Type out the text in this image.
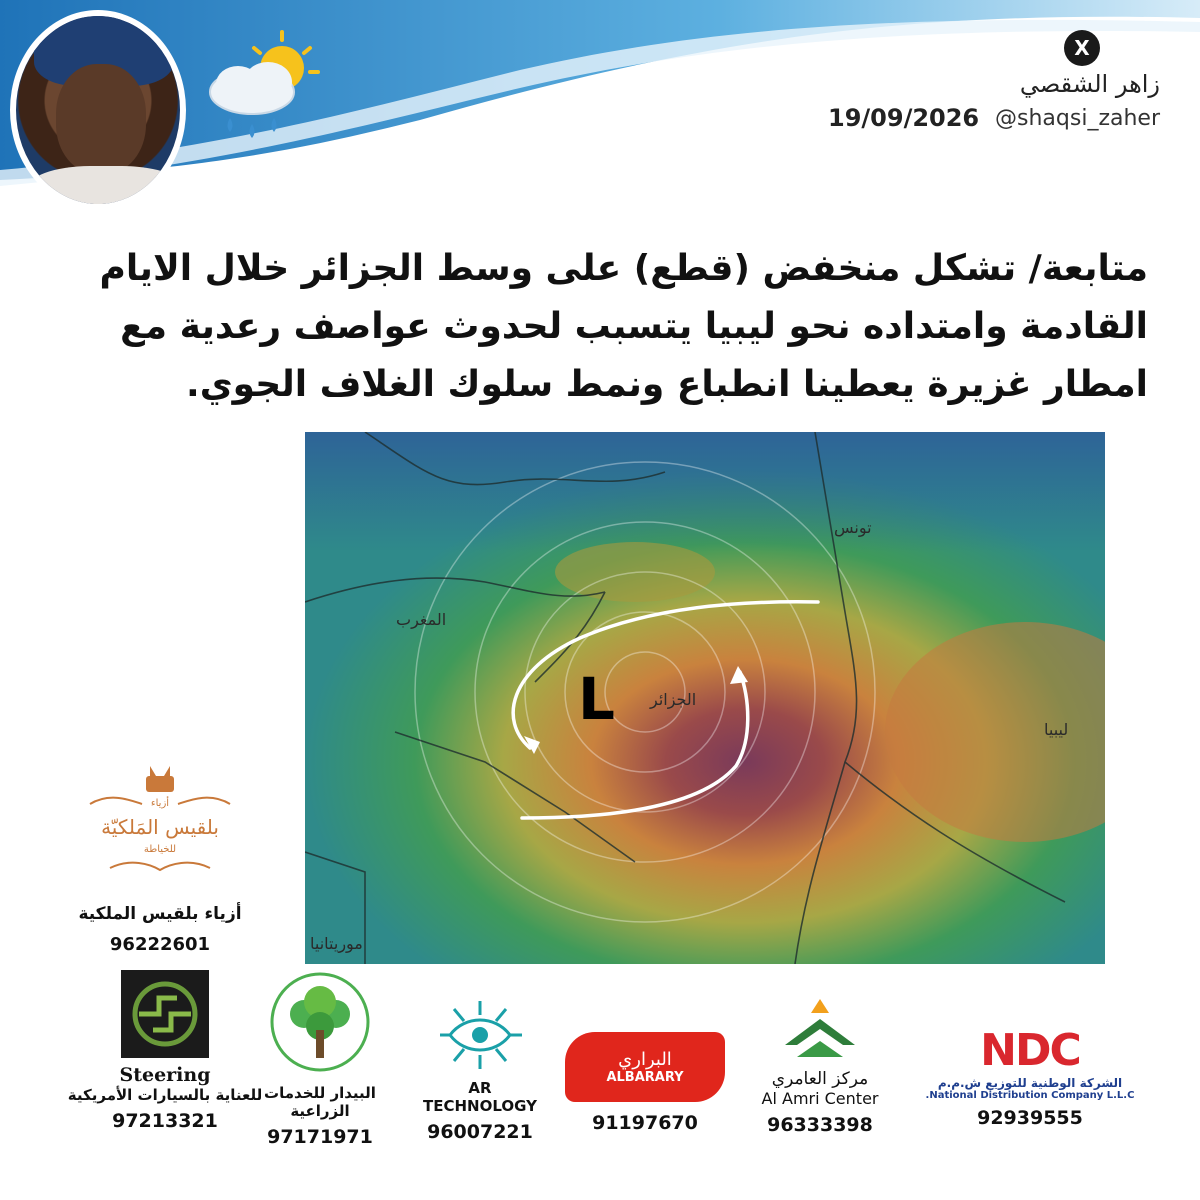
X
زاهر الشقصي
@shaqsi_zaher
19/09/2026
متابعة/ تشكل منخفض (قطع) على وسط الجزائر خلال الايام
القادمة وامتداده نحو ليبيا يتسبب لحدوث عواصف رعدية مع
امطار غزيرة يعطينا انطباع ونمط سلوك الغلاف الجوي.
L
تونس
المغرب
الجزائر
ليبيا
موريتانيا
أزياء
بلقيس المَلكيّة
للخياطة
أزياء بلقيس الملكية
96222601
Steering
للعناية بالسيارات الأمريكية
97213321
البيدار للخدمات الزراعية
97171971
AR TECHNOLOGY
96007221
البراري
ALBARARY
91197670
مركز العامري
Al Amri Center
96333398
NDC
الشركة الوطنية للتوزيع ش.م.م
National Distribution Company L.L.C.
92939555
